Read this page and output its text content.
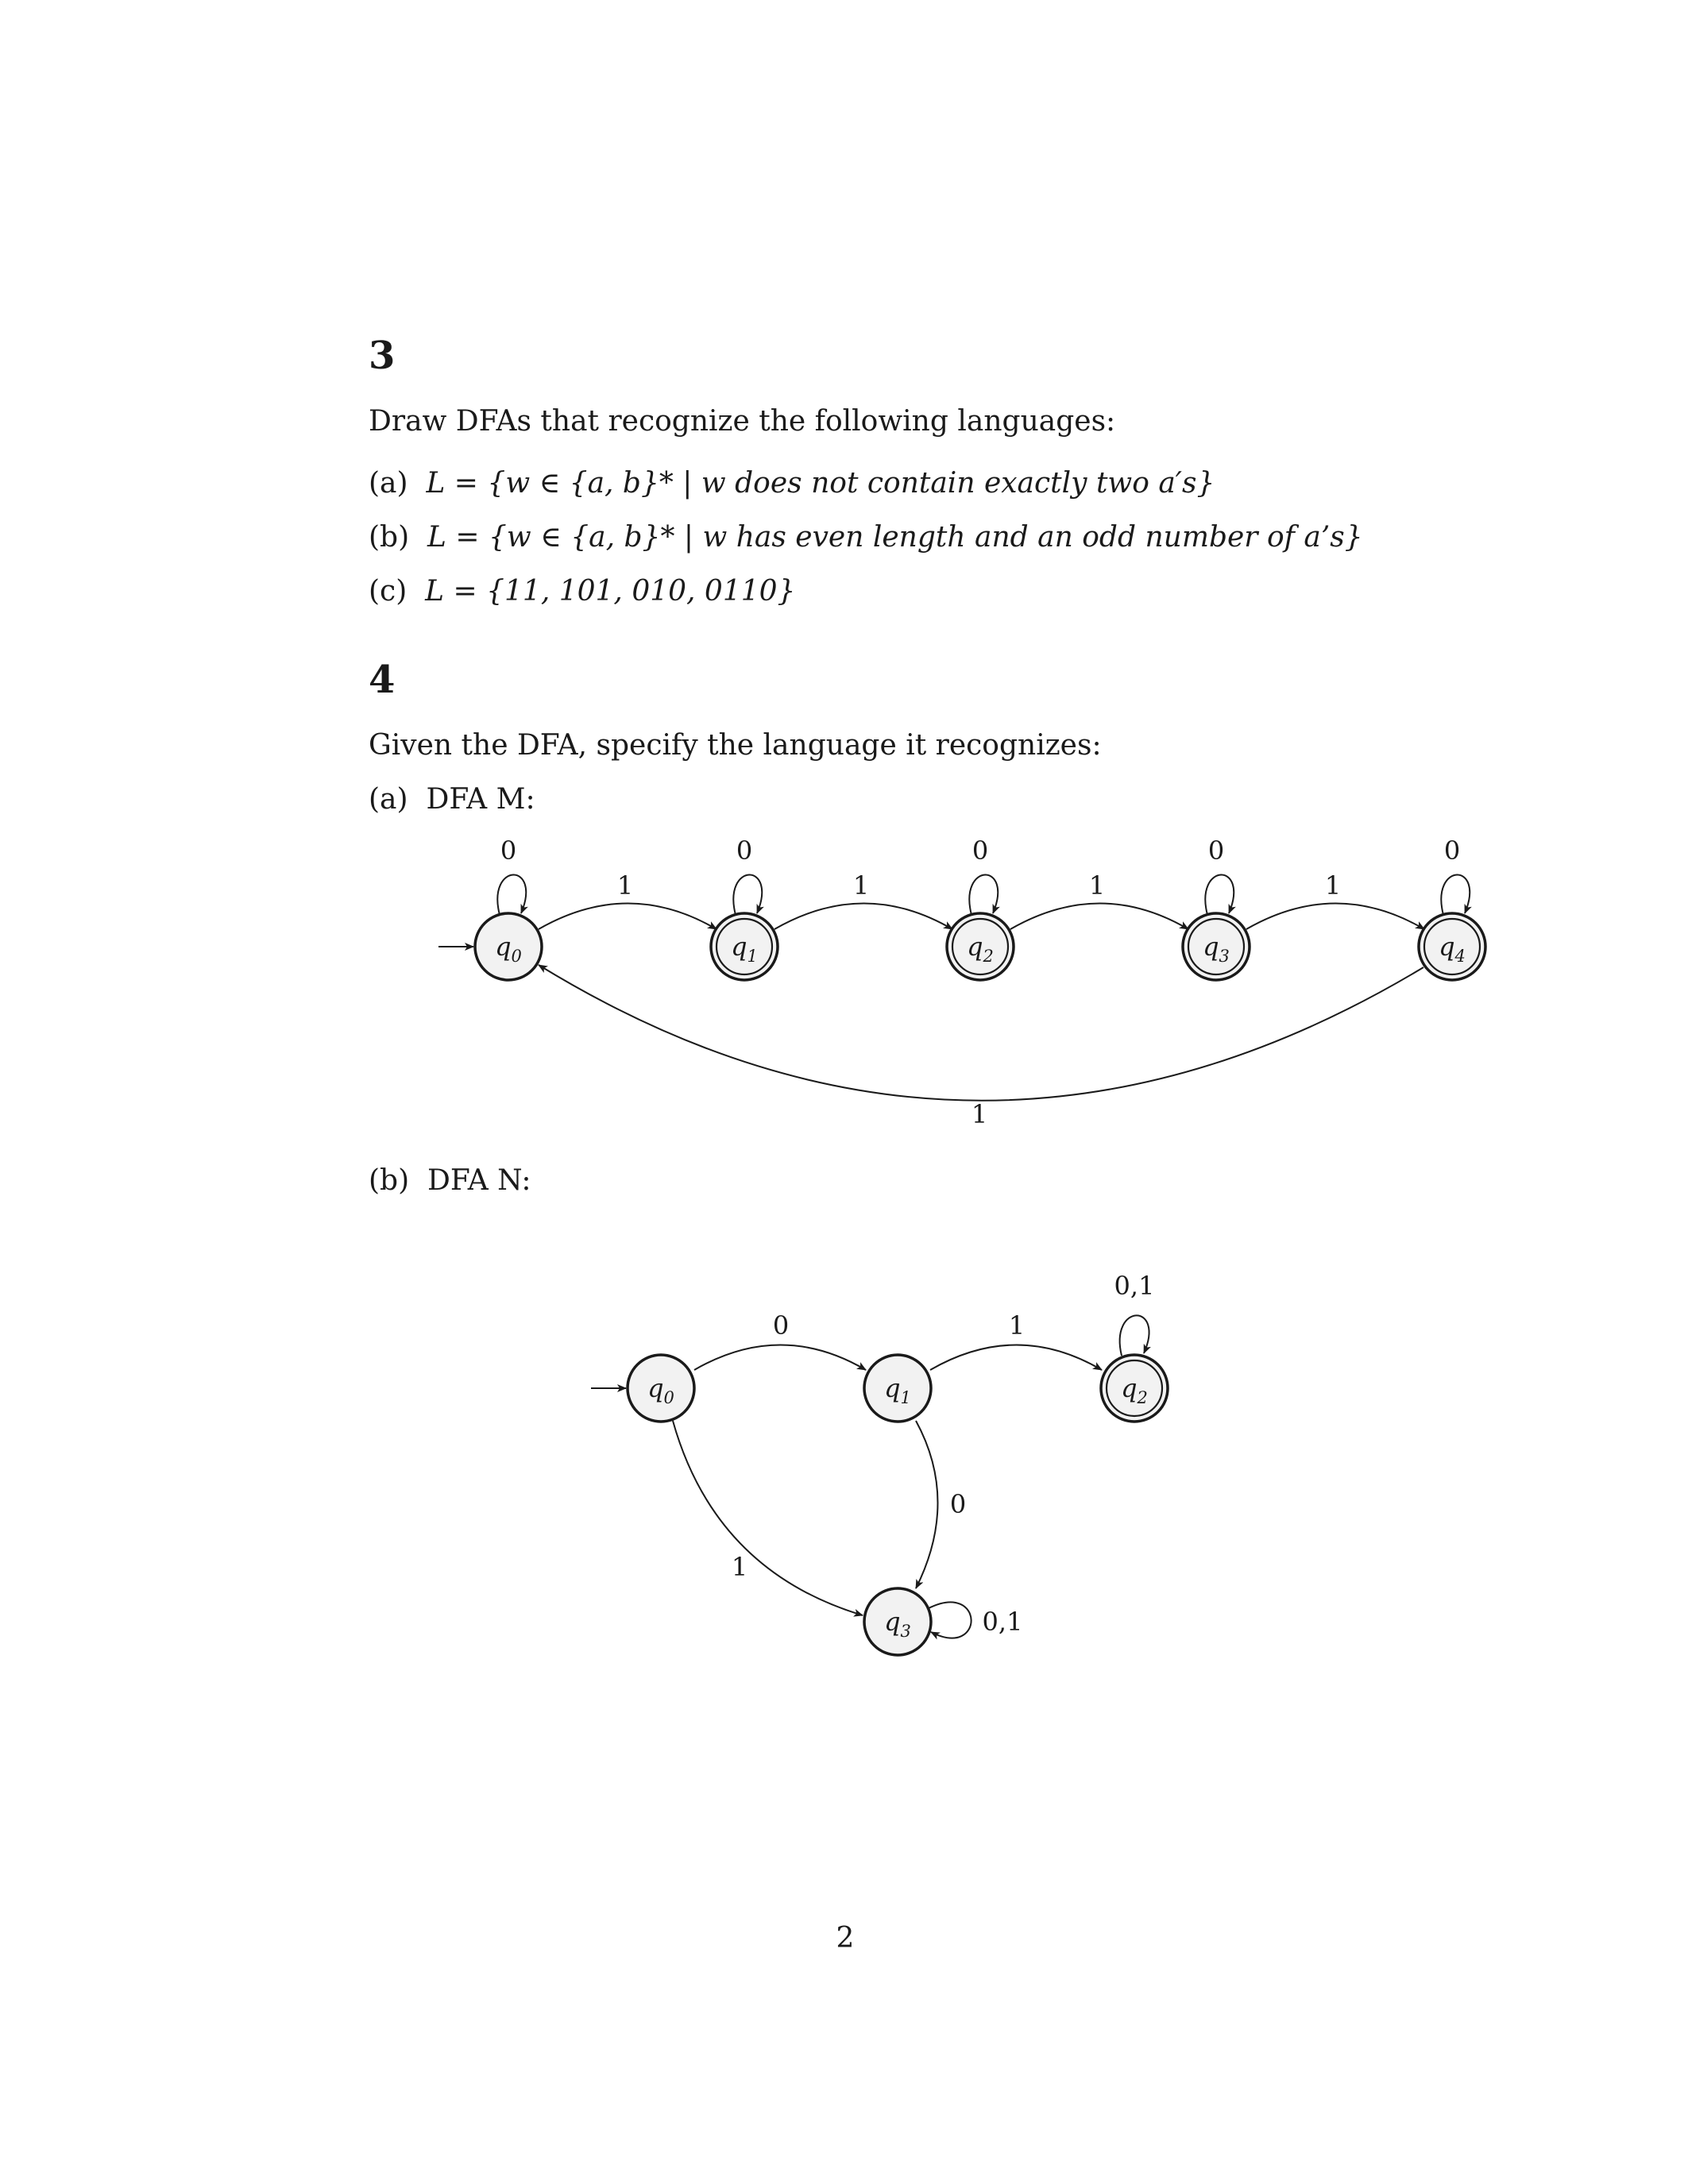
3
Draw DFAs that recognize the following languages:
(a) L = {w ∈ {a, b}* | w does not contain exactly two a′s}
(b) L = {w ∈ {a, b}* | w has even length and an odd number of a’s}
(c) L = {11, 101, 010, 0110}
4
Given the DFA, specify the language it recognizes:
(a) DFA M:
(b) DFA N:
$q_0$	$q_1$	$q_2$	$q_3$	$q_4$
0
1
0
1
0
1
0
1
0
1
$q_0$	$q_1$	$q_2$
$q_3$
0	1
0,1
1
0
0,1
2
